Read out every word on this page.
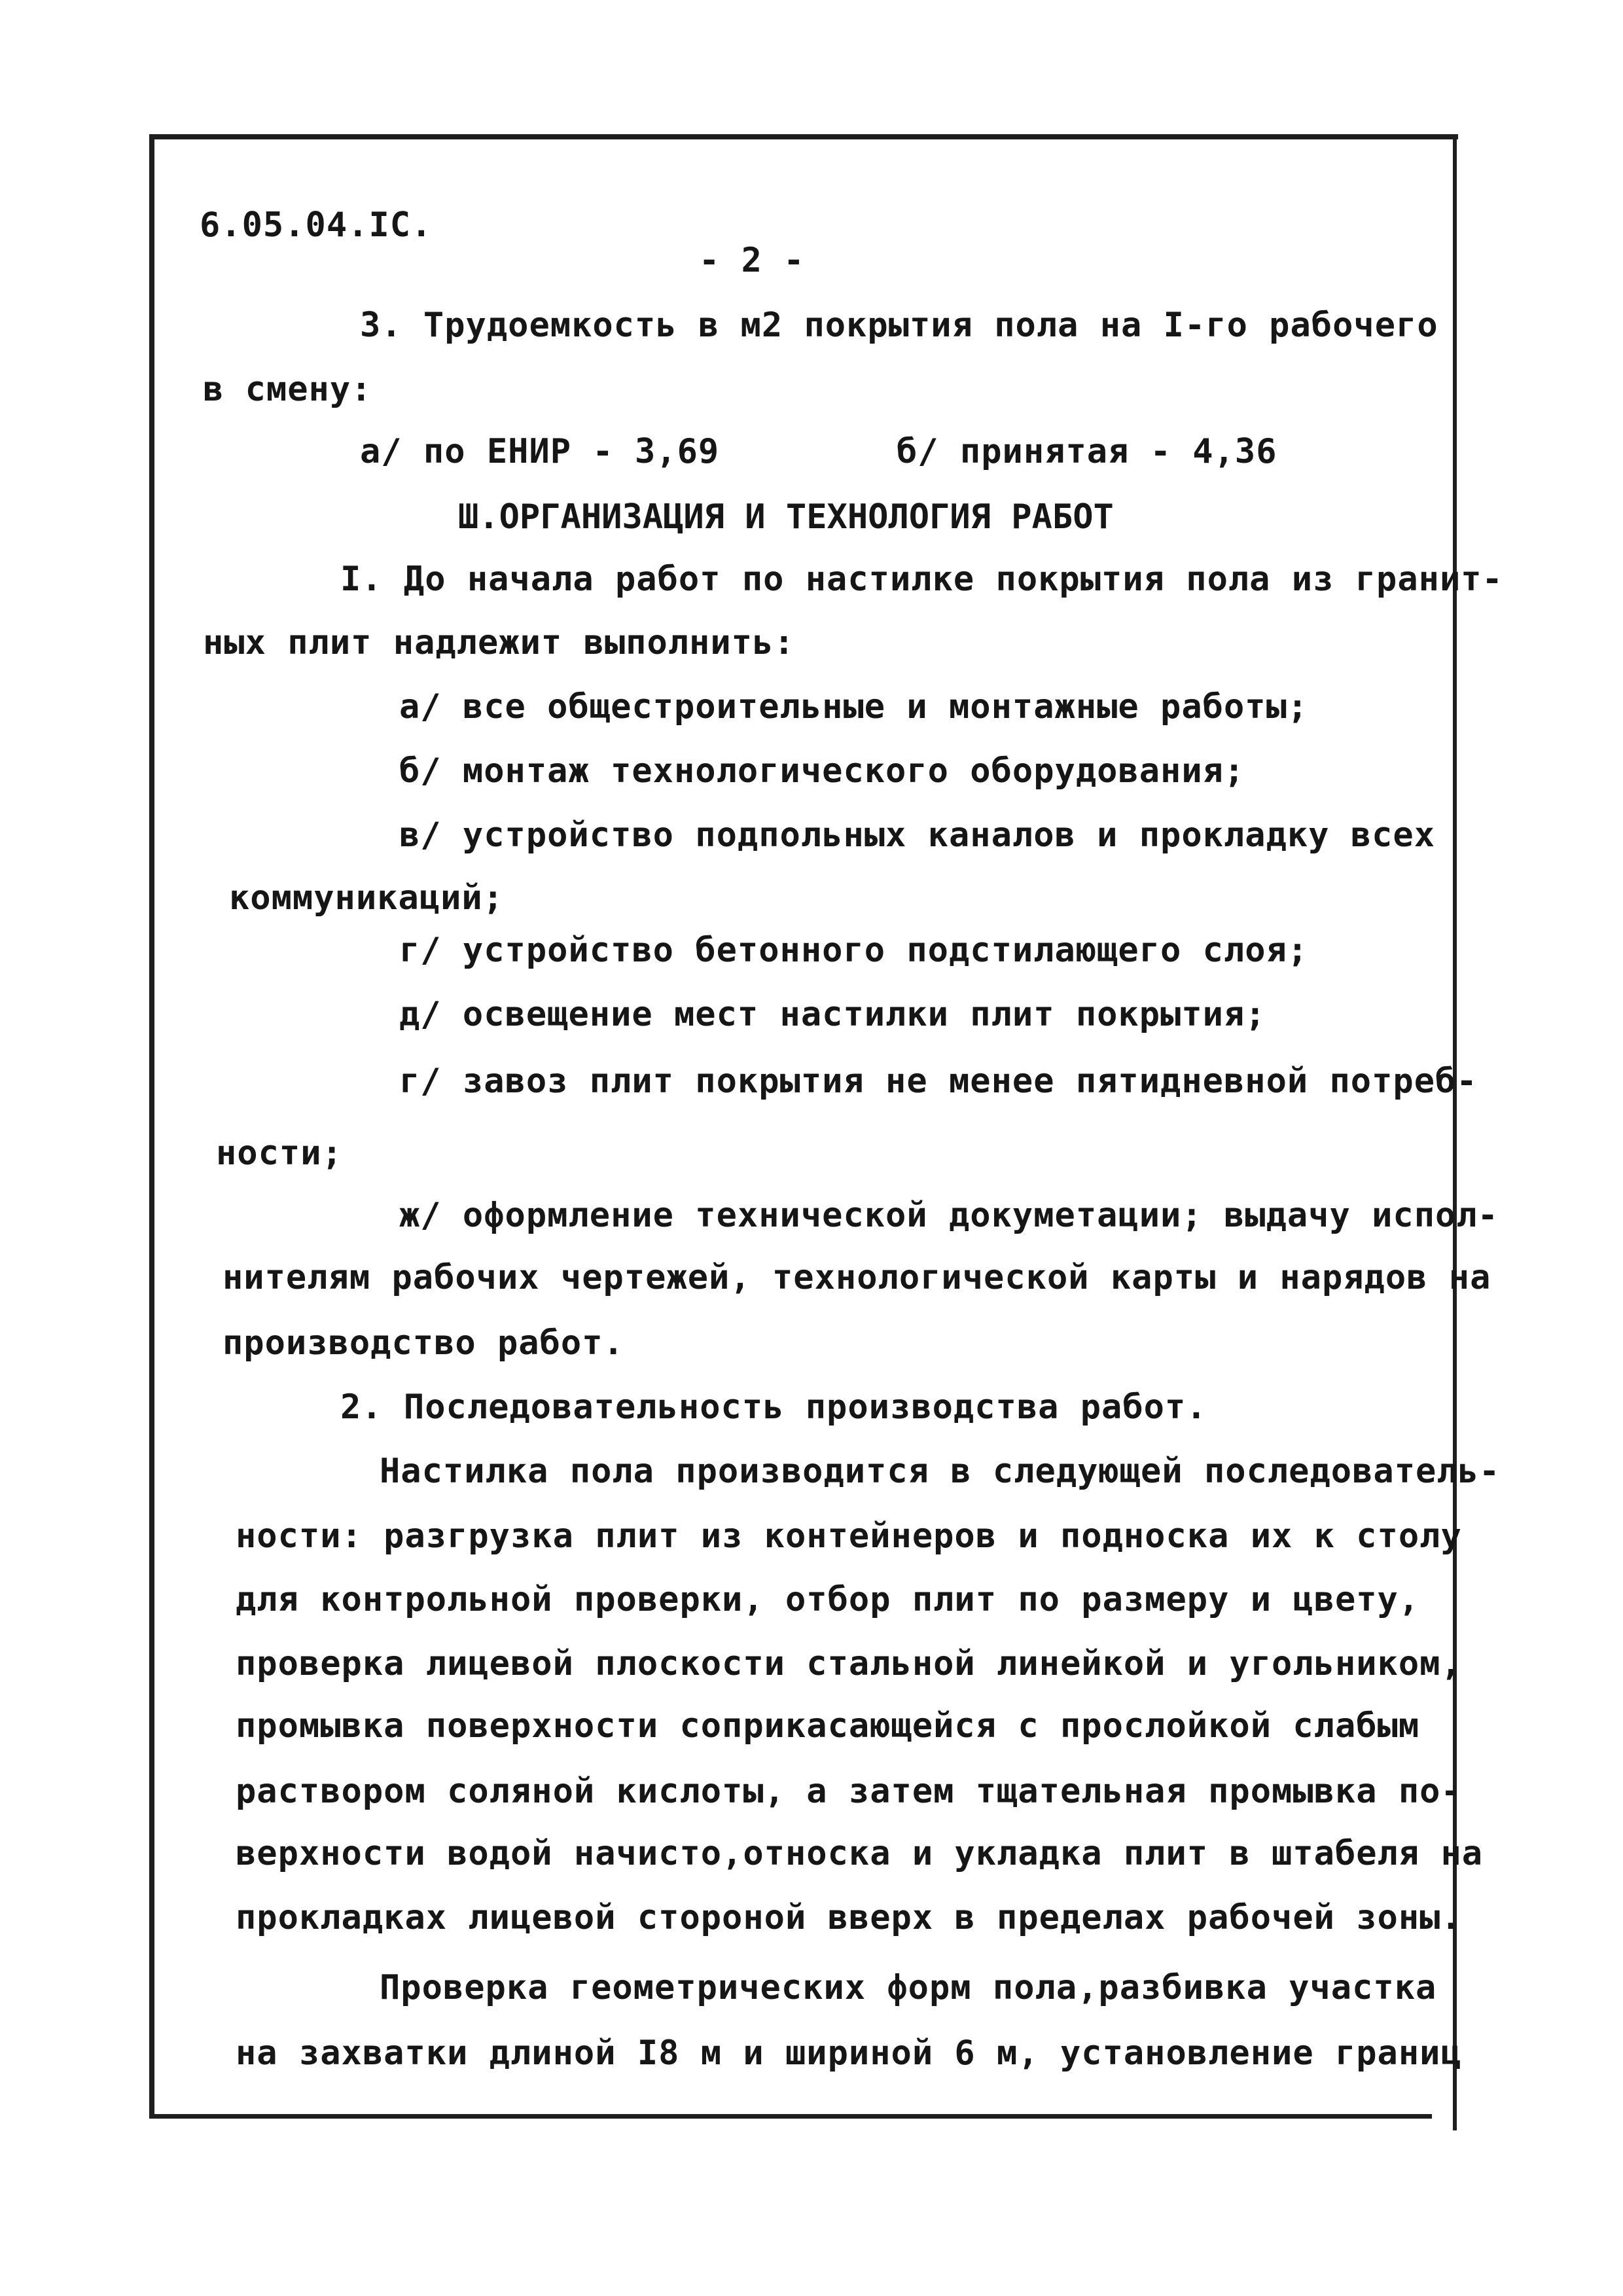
6.05.04.IC.
- 2 -
3. Трудоемкость в м2 покрытия пола на I-го рабочего
в смену:
а/ по ЕНИР - 3,69	б/ принятая - 4,36
Ш.ОРГАНИЗАЦИЯ И ТЕХНОЛОГИЯ РАБОТ
I. До начала работ по настилке покрытия пола из гранит-
ных плит надлежит выполнить:
а/ все общестроительные и монтажные работы;
б/ монтаж технологического оборудования;
в/ устройство подпольных каналов и прокладку всех
коммуникаций;
г/ устройство бетонного подстилающего слоя;
д/ освещение мест настилки плит покрытия;
г/ завоз плит покрытия не менее пятидневной потреб-
ности;
ж/ оформление технической докуметации; выдачу испол-
нителям рабочих чертежей, технологической карты и нарядов на
производство работ.
2. Последовательность производства работ.
Настилка пола производится в следующей последователь-
ности: разгрузка плит из контейнеров и подноска их к столу
для контрольной проверки, отбор плит по размеру и цвету,
проверка лицевой плоскости стальной линейкой и угольником,
промывка поверхности соприкасающейся с прослойкой слабым
раствором соляной кислоты, а затем тщательная промывка по-
верхности водой начисто,относка и укладка плит в штабеля на
прокладках лицевой стороной вверх в пределах рабочей зоны.
Проверка геометрических форм пола,разбивка участка
на захватки длиной I8 м и шириной 6 м, установление границ
